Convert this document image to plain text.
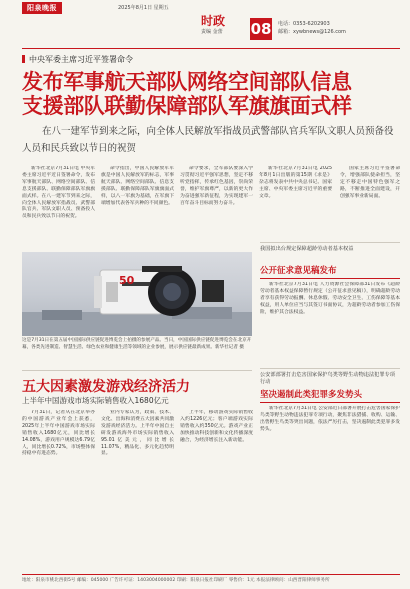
阳泉晚报	2025年8月1日 星期五
时政
责编 金蕾 08 电话：0353-6202903
邮箱：xywbnews@126.com
中央军委主席习近平签署命令
发布军事航天部队网络空间部队信息
支援部队联勤保障部队军旗旗面式样
在八一建军节到来之际，向全体人民解放军指战员武警部队官兵军队文职人员预备役人员和民兵致以节日的祝贺

新华社北京7月31日电 中央军委主席习近平近日签署命令，发布军事航天部队、网络空间部队、信息支援部队、联勤保障部队军旗旗面式样。在八一建军节到来之际，向全体人民解放军指战员、武警部队官兵、军队文职人员、预备役人员和民兵致以节日的祝贺。

命令指出，中国人民解放军军旗是中国人民解放军的标志，军事航天部队、网络空间部队、信息支援部队、联勤保障部队军旗旗面式样，以八一军旗为基础，在军旗下端增加代表各军兵种的不同颜色。

命令要求，全军部队要深入学习贯彻习近平强军思想，坚定不移听党指挥，传承红色基因，崇尚荣誉，维护军旗尊严，以新的更大作为奋进强军新征程，为实现建军一百年奋斗目标而努力奋斗。

新华社北京7月31日电 2025年8月1日出版的第15期《求是》杂志将发表中共中央总书记、国家主席、中央军委主席习近平的重要文章。

50
这是7月31日在第五届中国国际供应链促进博览会上拍摄的参展产品。当日，中国国际供应链促进博览会在北京开幕，各类先进制造、智慧生活、绿色农业和健康生活等领域的企业参展，展示供应链最新成果。新华社记者 摄

国家主席习近平签署命令，增强部队使命担当，坚定不移走中国特色强军之路，不断推进全面建设，开创强军事业新局面。

我国拟出台规定保障超龄劳动者基本权益
公开征求意见稿发布

新华社北京7月31日电 人力资源社会保障部31日发布《超龄劳动者基本权益保障暂行规定（公开征求意见稿）》，明确超龄劳动者享有获得劳动报酬、休息休假、劳动安全卫生、工伤保障等基本权益，用人单位应当与其签订书面协议，为超龄劳动者参加工伤保险，维护其合法权益。

公安部部署打击危害国家保护鸟类等野生动物违法犯罪专项行动
坚决遏制此类犯罪多发势头

新华社北京7月31日电 公安部近日部署开展打击危害国家保护鸟类等野生动物违法犯罪专项行动，聚焦非法猎捕、收购、运输、出售野生鸟类等突出问题，依法严厉打击，坚决遏制此类犯罪多发势头。

五大因素激发游戏经济活力
上半年中国游戏市场实际销售收入1680亿元

7月31日，记者从在北京举办的中国游戏产业年会上获悉，2025年上半年中国游戏市场实际销售收入1680亿元，同比增长14.08%，游戏用户规模达6.79亿人，同比增长0.72%，市场整体保持稳中有进态势。

业内专家认为，政策、技术、文化、出海和消费五大因素共同激发游戏经济活力。上半年中国自主研发游戏海外市场实际销售收入95.01亿美元，同比增长11.07%，精品化、多元化趋势明显。

上半年，移动游戏实际销售收入约1226亿元；客户端游戏实际销售收入约350亿元。游戏产业正加快推动科技创新和文化传播深度融合，为经济增长注入新动能。

地址：阳泉市桃北西街5号 邮编：045000 广告许可证：1403004000002 印刷：阳泉日报社印刷厂 零售价：1元 本报法律顾问：山西晋阳律师事务所
